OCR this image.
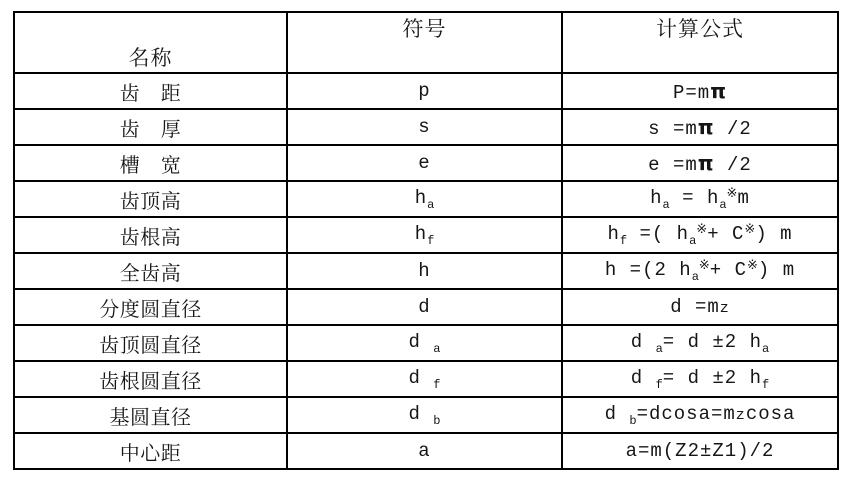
名称	符号	计算公式
齿　距	p	P=mπ
齿　厚	s	s =mπ /2
槽　宽	e	e =mπ /2
齿顶高	$h_a$	$h_a = h_a^※m$
齿根高	$h_f$	$h_f$ =( $h_a^※+ C^※$) m
全齿高	h	h =(2 $h_a^※+ C^※$) m
分度圆直径	d	d =mz
齿顶圆直径	d $_a$	d $_a$= d ±2 $h_a$
齿根圆直径	d $_f$	d $_f$= d ±2 $h_f$
基圆直径	d $_b$	d $_b$=dcosa=mzcosa
中心距	a	a=m(Z2±Z1)/2
